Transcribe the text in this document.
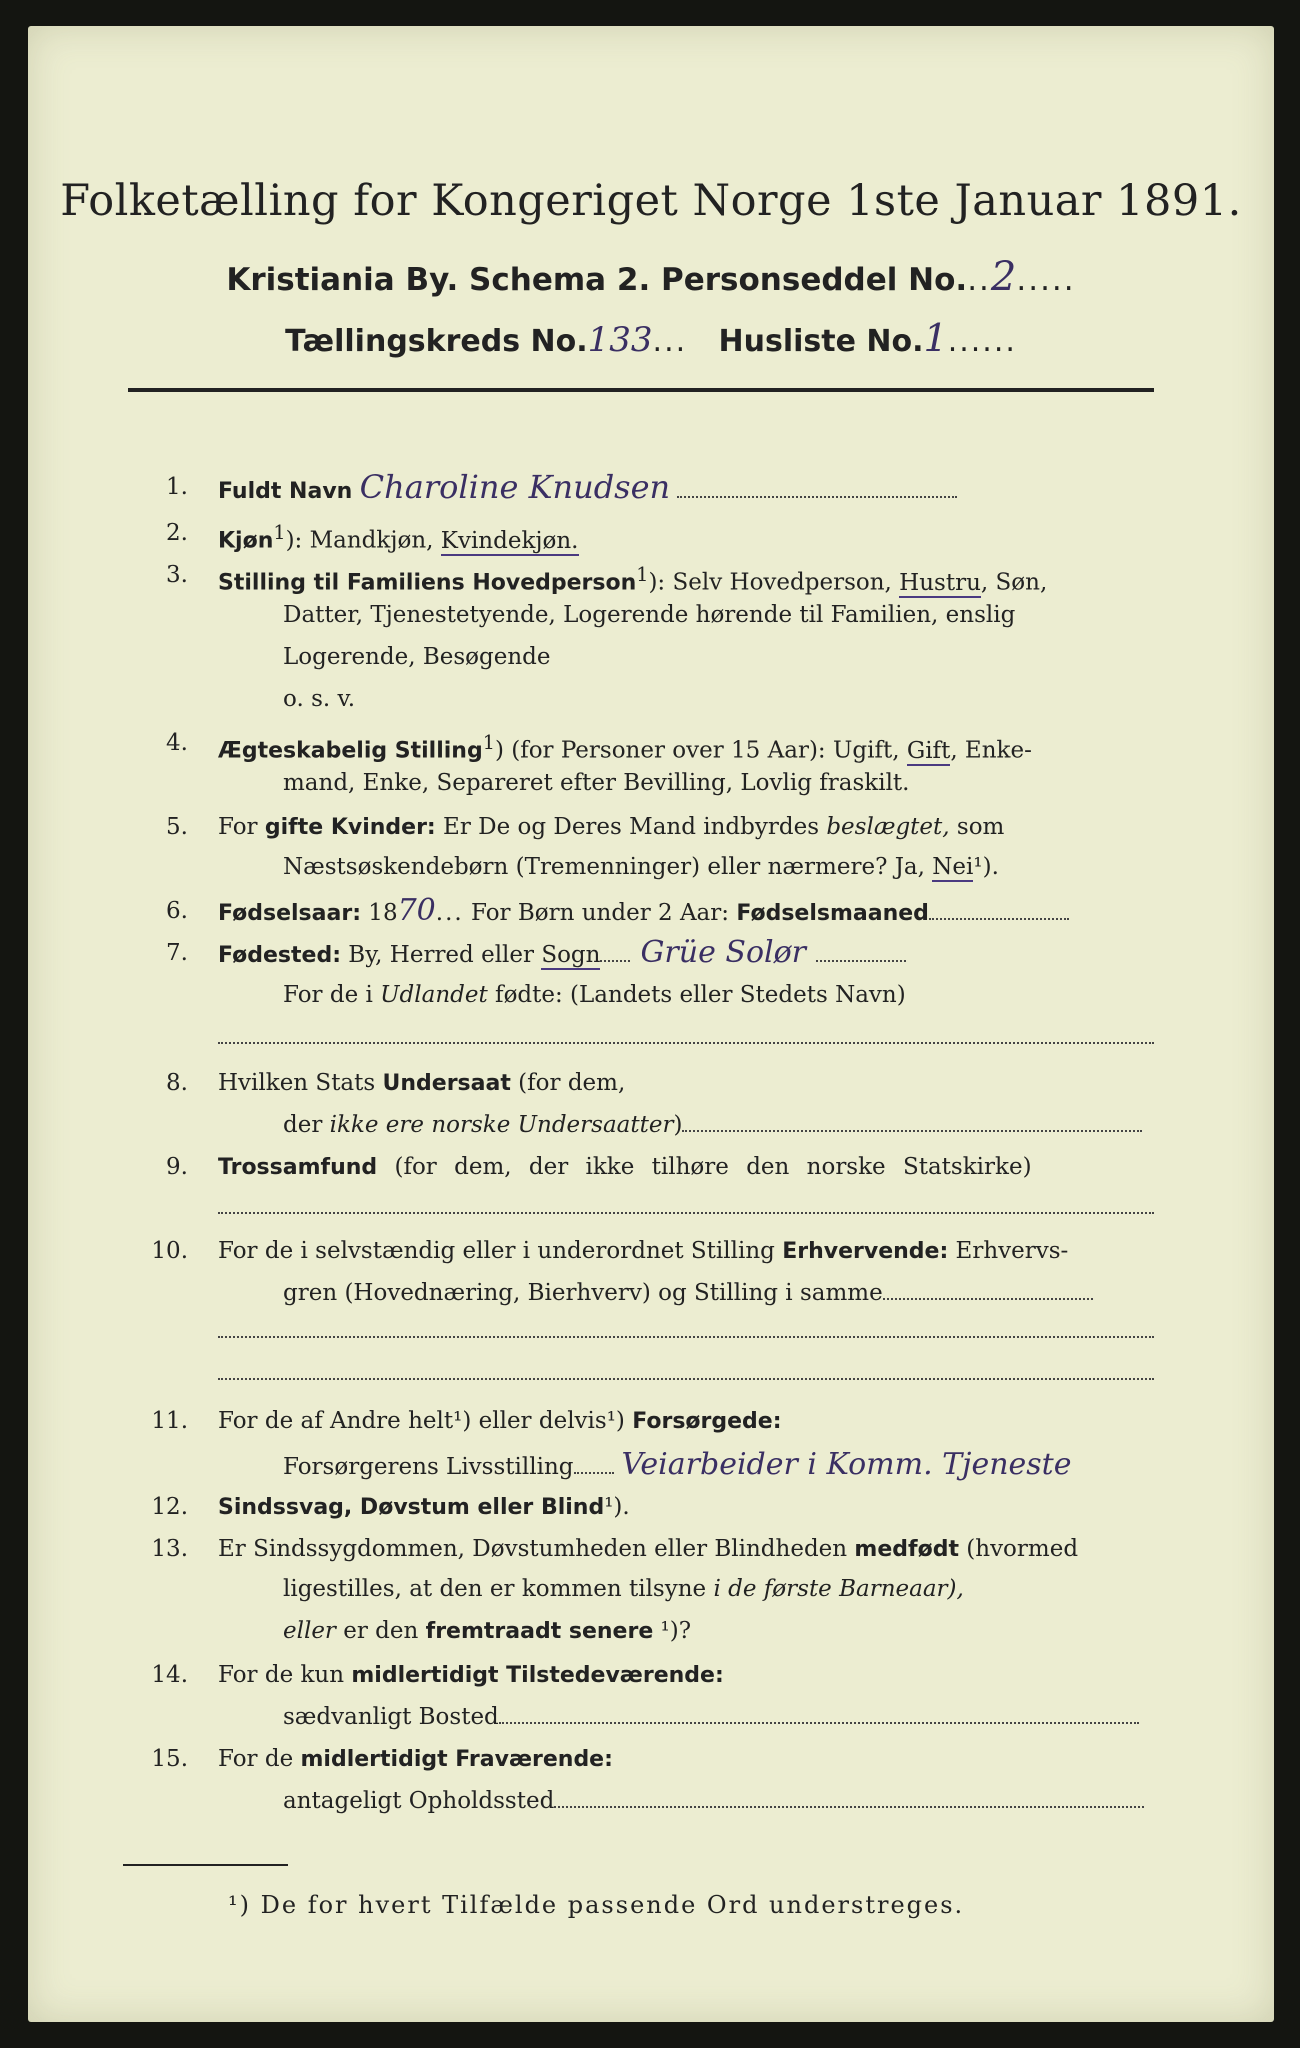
Folketælling for Kongeriget Norge 1ste Januar 1891.
Kristiania By. Schema 2. Personseddel No...2.....
Tællingskreds No.133... Husliste No.1......
1. Fuldt Navn Charoline Knudsen
2. Kjøn$^1$): Mandkjøn, Kvindekjøn.
3. Stilling til Familiens Hovedperson$^1$): Selv Hovedperson, Hustru, Søn,
Datter, Tjenestetyende, Logerende hørende til Familien, enslig
Logerende, Besøgende
o. s. v.
4. Ægteskabelig Stilling$^1$) (for Personer over 15 Aar): Ugift, Gift, Enke-
mand, Enke, Separeret efter Bevilling, Lovlig fraskilt.
5. For gifte Kvinder: Er De og Deres Mand indbyrdes beslægtet, som
Næstsøskendebørn (Tremenninger) eller nærmere? Ja, Nei¹).
6. Fødselsaar: 1870... For Børn under 2 Aar: Fødselsmaaned
7. Fødested: By, Herred eller Sogn Grüe Solør
For de i Udlandet fødte: (Landets eller Stedets Navn)
8. Hvilken Stats Undersaat (for dem,
der ikke ere norske Undersaatter)
9. Trossamfund (for dem, der ikke tilhøre den norske Statskirke)
10. For de i selvstændig eller i underordnet Stilling Erhvervende: Erhvervs-
gren (Hovednæring, Bierhverv) og Stilling i samme
11. For de af Andre helt¹) eller delvis¹) Forsørgede:
Forsørgerens Livsstilling Veiarbeider i Komm. Tjeneste
12. Sindssvag, Døvstum eller Blind¹).
13. Er Sindssygdommen, Døvstumheden eller Blindheden medfødt (hvormed
ligestilles, at den er kommen tilsyne i de første Barneaar),
eller er den fremtraadt senere ¹)?
14. For de kun midlertidigt Tilstedeværende:
sædvanligt Bosted
15. For de midlertidigt Fraværende:
antageligt Opholdssted
¹) De for hvert Tilfælde passende Ord understreges.
